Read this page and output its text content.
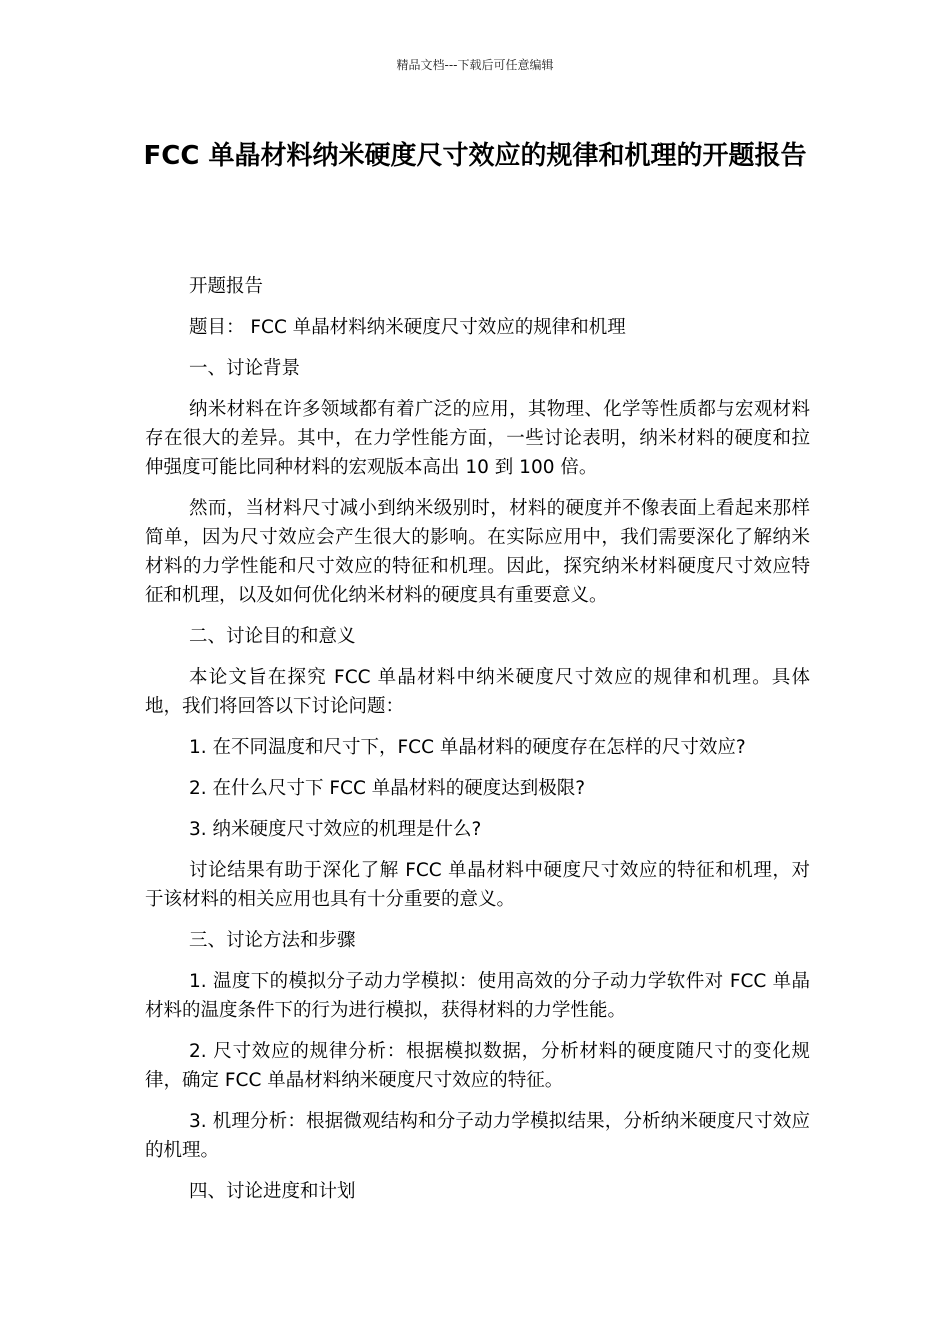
精品文档---下载后可任意编辑
FCC 单晶材料纳米硬度尺寸效应的规律和机理的开题报告

开题报告

题目： FCC 单晶材料纳米硬度尺寸效应的规律和机理

一、讨论背景

纳米材料在许多领域都有着广泛的应用，其物理、化学等性质都与宏观材料存在很大的差异。其中，在力学性能方面，一些讨论表明，纳米材料的硬度和拉伸强度可能比同种材料的宏观版本高出 10 到 100 倍。

然而，当材料尺寸减小到纳米级别时，材料的硬度并不像表面上看起来那样简单，因为尺寸效应会产生很大的影响。在实际应用中，我们需要深化了解纳米材料的力学性能和尺寸效应的特征和机理。因此，探究纳米材料硬度尺寸效应特征和机理，以及如何优化纳米材料的硬度具有重要意义。

二、讨论目的和意义

本论文旨在探究 FCC 单晶材料中纳米硬度尺寸效应的规律和机理。具体地，我们将回答以下讨论问题：

1. 在不同温度和尺寸下，FCC 单晶材料的硬度存在怎样的尺寸效应?

2. 在什么尺寸下 FCC 单晶材料的硬度达到极限?

3. 纳米硬度尺寸效应的机理是什么?

讨论结果有助于深化了解 FCC 单晶材料中硬度尺寸效应的特征和机理，对于该材料的相关应用也具有十分重要的意义。

三、讨论方法和步骤

1. 温度下的模拟分子动力学模拟：使用高效的分子动力学软件对 FCC 单晶材料的温度条件下的行为进行模拟，获得材料的力学性能。

2. 尺寸效应的规律分析：根据模拟数据，分析材料的硬度随尺寸的变化规律，确定 FCC 单晶材料纳米硬度尺寸效应的特征。

3. 机理分析：根据微观结构和分子动力学模拟结果，分析纳米硬度尺寸效应的机理。

四、讨论进度和计划
